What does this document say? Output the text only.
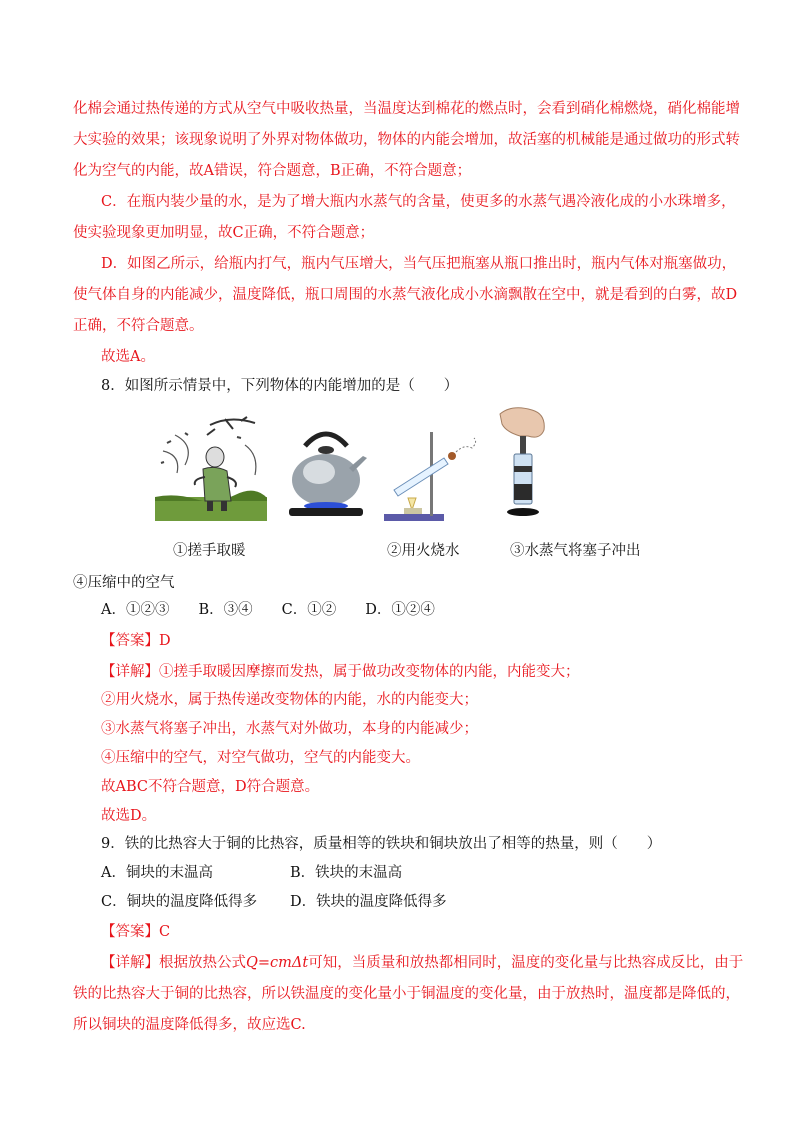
化棉会通过热传递的方式从空气中吸收热量，当温度达到棉花的燃点时，会看到硝化棉燃烧，硝化棉能增
大实验的效果；该现象说明了外界对物体做功，物体的内能会增加，故活塞的机械能是通过做功的形式转
化为空气的内能，故A错误，符合题意，B正确，不符合题意；
C．在瓶内装少量的水，是为了增大瓶内水蒸气的含量，使更多的水蒸气遇冷液化成的小水珠增多，
使实验现象更加明显，故C正确，不符合题意；
D．如图乙所示，给瓶内打气，瓶内气压增大，当气压把瓶塞从瓶口推出时，瓶内气体对瓶塞做功，
使气体自身的内能减少，温度降低，瓶口周围的水蒸气液化成小水滴飘散在空中，就是看到的白雾，故D
正确，不符合题意。
故选A。
8．如图所示情景中，下列物体的内能增加的是（　　）
①搓手取暖	②用火烧水	③水蒸气将塞子冲出
④压缩中的空气
A．①②③　　B．③④　　C．①②　　D．①②④
【答案】D
【详解】①搓手取暖因摩擦而发热，属于做功改变物体的内能，内能变大；
②用火烧水，属于热传递改变物体的内能，水的内能变大；
③水蒸气将塞子冲出，水蒸气对外做功，本身的内能减少；
④压缩中的空气，对空气做功，空气的内能变大。
故ABC不符合题意，D符合题意。
故选D。
9．铁的比热容大于铜的比热容，质量相等的铁块和铜块放出了相等的热量，则（　　）
A．铜块的末温高	B．铁块的末温高
C．铜块的温度降低得多 D．铁块的温度降低得多
【答案】C
【详解】根据放热公式Q=cmΔt可知，当质量和放热都相同时，温度的变化量与比热容成反比，由于
铁的比热容大于铜的比热容，所以铁温度的变化量小于铜温度的变化量，由于放热时，温度都是降低的，
所以铜块的温度降低得多，故应选C.
